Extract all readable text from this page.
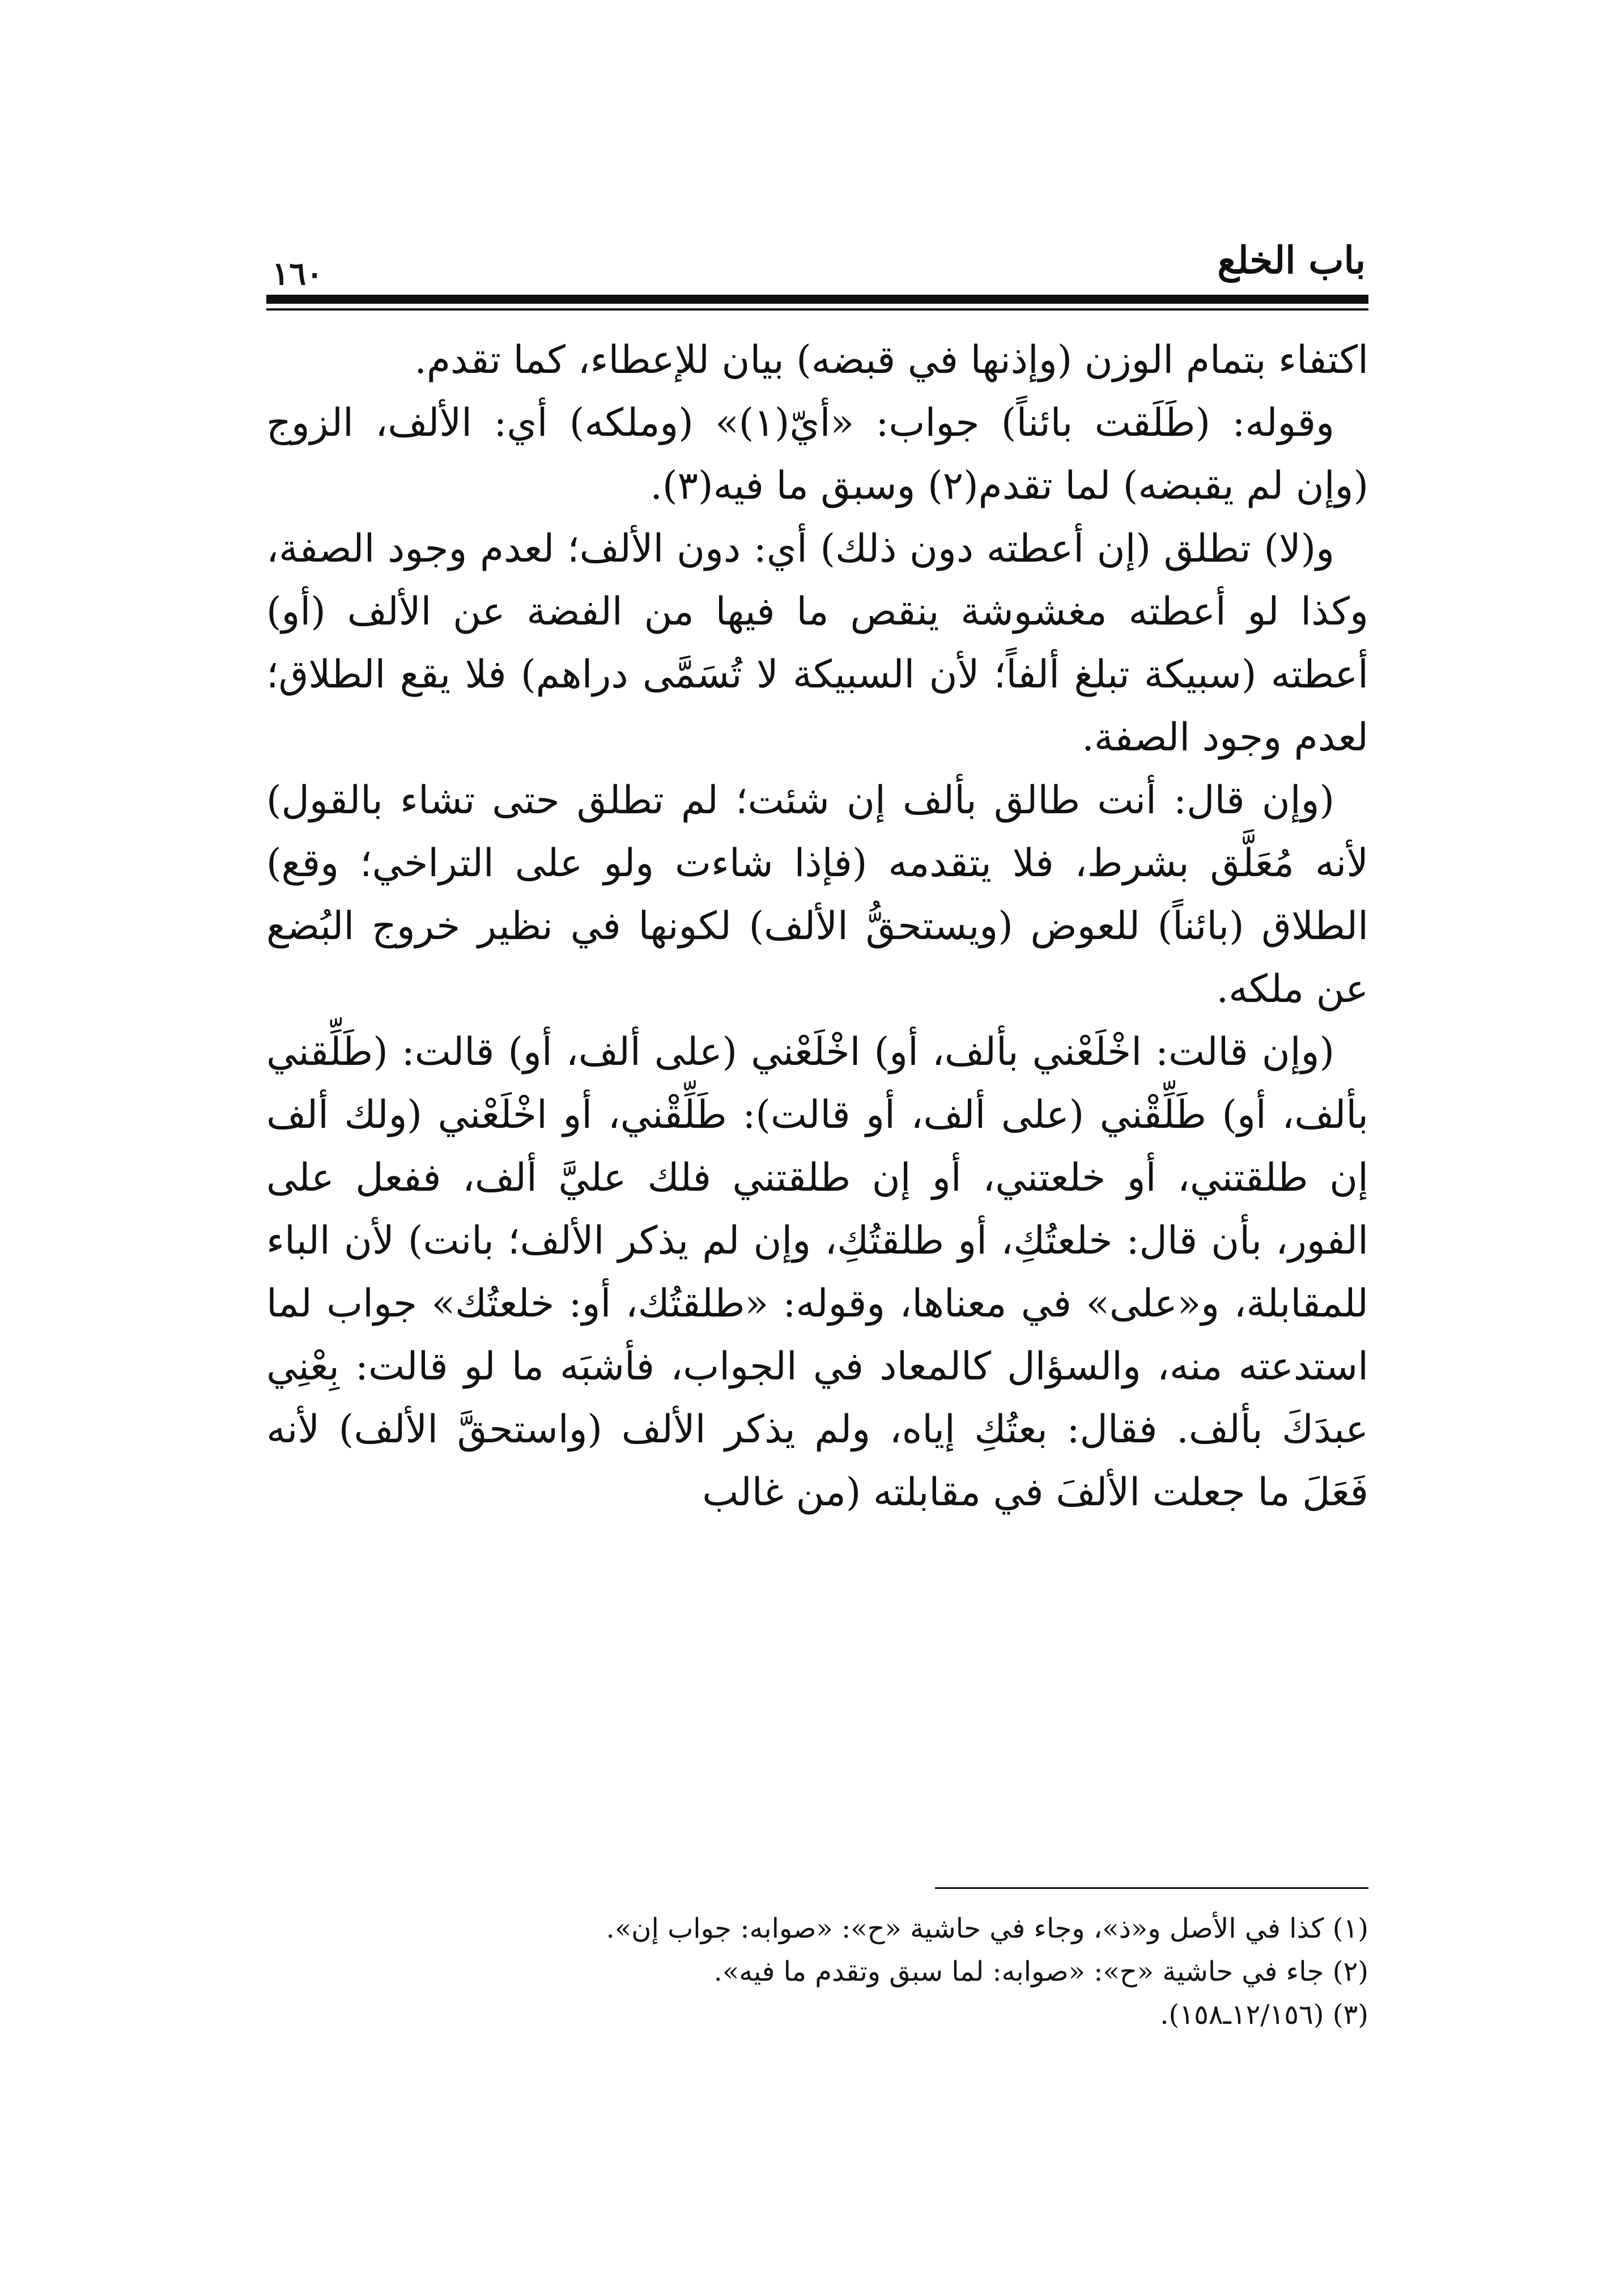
١٦٠	باب الخلع

اكتفاء بتمام الوزن (وإذنها في قبضه) بيان للإعطاء، كما تقدم.

وقوله: (طَلَقت بائناً) جواب: «أيّ(١)» (وملكه) أي: الألف، الزوج (وإن لم يقبضه) لما تقدم(٢) وسبق ما فيه(٣).

و(لا) تطلق (إن أعطته دون ذلك) أي: دون الألف؛ لعدم وجود الصفة، وكذا لو أعطته مغشوشة ينقص ما فيها من الفضة عن الألف (أو) أعطته (سبيكة تبلغ ألفاً؛ لأن السبيكة لا تُسَمَّى دراهم) فلا يقع الطلاق؛ لعدم وجود الصفة.

(وإن قال: أنت طالق بألف إن شئت؛ لم تطلق حتى تشاء بالقول) لأنه مُعَلَّق بشرط، فلا يتقدمه (فإذا شاءت ولو على التراخي؛ وقع) الطلاق (بائناً) للعوض (ويستحقُّ الألف) لكونها في نظير خروج البُضع عن ملكه.

(وإن قالت: اخْلَعْني بألف، أو) اخْلَعْني (على ألف، أو) قالت: (طَلِّقني بألف، أو) طَلِّقْني (على ألف، أو قالت): طَلِّقْني، أو اخْلَعْني (ولك ألف إن طلقتني، أو خلعتني، أو إن طلقتني فلك عليَّ ألف، ففعل على الفور، بأن قال: خلعتُكِ، أو طلقتُكِ، وإن لم يذكر الألف؛ بانت) لأن الباء للمقابلة، و«على» في معناها، وقوله: «طلقتُك، أو: خلعتُك» جواب لما استدعته منه، والسؤال كالمعاد في الجواب، فأشبَه ما لو قالت: بِعْنِي عبدَكَ بألف. فقال: بعتُكِ إياه، ولم يذكر الألف (واستحقَّ الألف) لأنه فَعَلَ ما جعلت الألفَ في مقابلته (من غالب

(١) كذا في الأصل و«ذ»، وجاء في حاشية «ح»: «صوابه: جواب إن».
(٢) جاء في حاشية «ح»: «صوابه: لما سبق وتقدم ما فيه».
(٣) (١٢/١٥٦ـ١٥٨).
